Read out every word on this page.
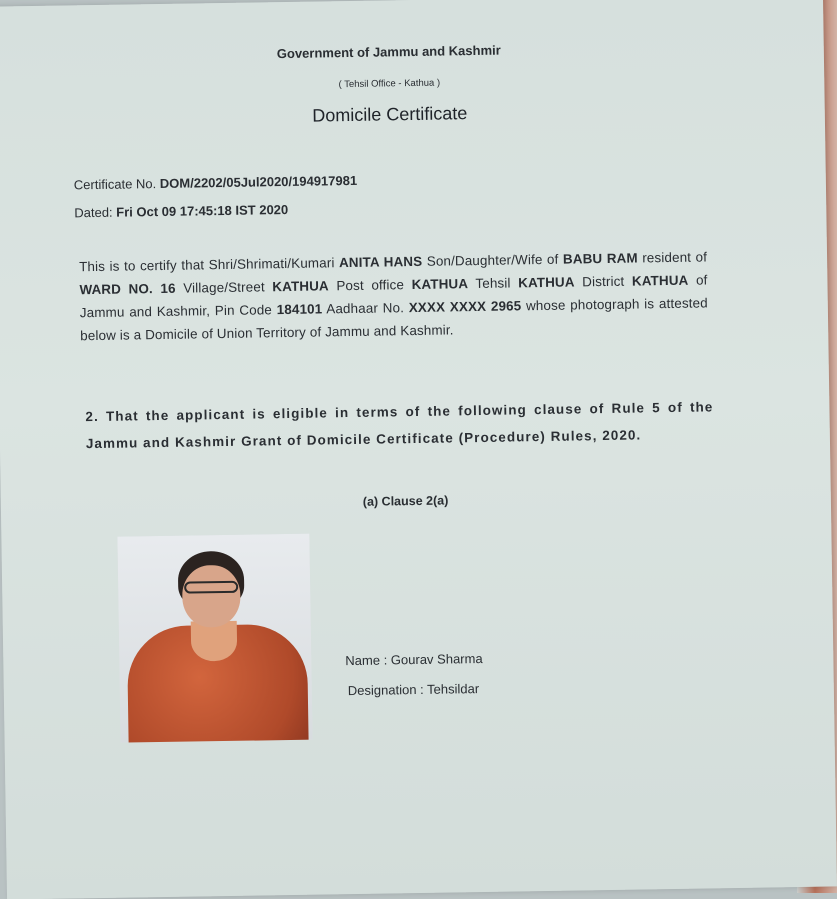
Government of Jammu and Kashmir
( Tehsil Office - Kathua )
Domicile Certificate
Certificate No. DOM/2202/05Jul2020/194917981
Dated: Fri Oct 09 17:45:18 IST 2020
This is to certify that Shri/Shrimati/Kumari ANITA HANS Son/Daughter/Wife of BABU RAM resident of WARD NO. 16 Village/Street KATHUA Post office KATHUA Tehsil KATHUA District KATHUA of Jammu and Kashmir, Pin Code 184101 Aadhaar No. XXXX XXXX 2965 whose photograph is attested below is a Domicile of Union Territory of Jammu and Kashmir.
2. That the applicant is eligible in terms of the following clause of Rule 5 of the Jammu and Kashmir Grant of Domicile Certificate (Procedure) Rules, 2020.
(a) Clause 2(a)
Name : Gourav Sharma
Designation : Tehsildar
